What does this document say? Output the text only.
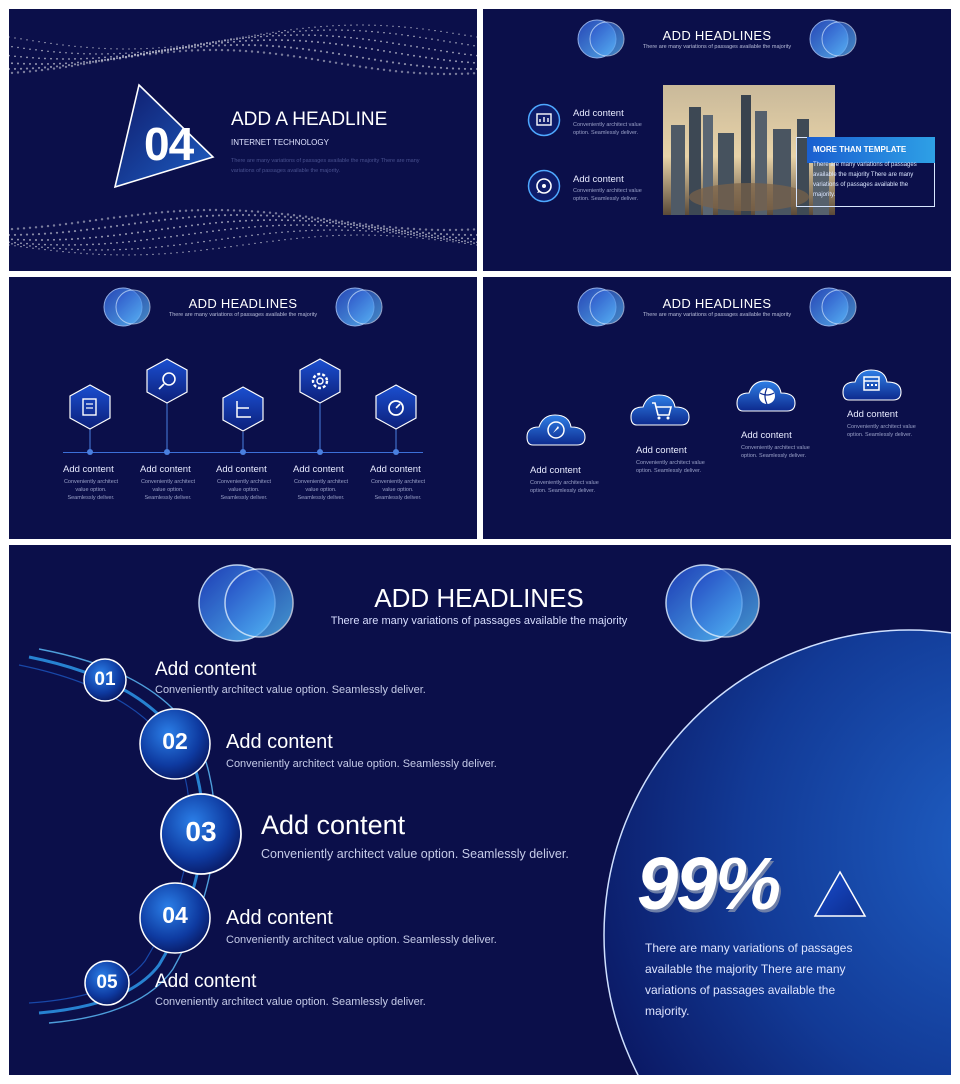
04 ADD A HEADLINE
INTERNET TECHNOLOGY
There are many variations of passages available the majority There are many variations of passages available the majority.
ADD HEADLINES
There are many variations of passages available the majority
Add content
Conveniently architect value
option. Seamlessly deliver.
Add content
Conveniently architect value
option. Seamlessly deliver.
MORE THAN TEMPLATE
There are many variations of passages available the majority There are many variations of passages available the majority.
ADD HEADLINES
There are many variations of passages available the majority
Add content
Conveniently architect
value option.
Seamlessly deliver.
Add content
Conveniently architect
value option.
Seamlessly deliver.
Add content
Conveniently architect
value option.
Seamlessly deliver.
Add content
Conveniently architect
value option.
Seamlessly deliver.
Add content
Conveniently architect
value option.
Seamlessly deliver.
ADD HEADLINES
There are many variations of passages available the majority
Add content
Conveniently architect value
option. Seamlessly deliver.
Add content
Conveniently architect value
option. Seamlessly deliver.
Add content
Conveniently architect value
option. Seamlessly deliver.
Add content
Conveniently architect value
option. Seamlessly deliver.
ADD HEADLINES
There are many variations of passages available the majority
01
02
03
04
05
Add content
Conveniently architect value option. Seamlessly deliver.
Add content
Conveniently architect value option. Seamlessly deliver.
Add content
Conveniently architect value option. Seamlessly deliver.
Add content
Conveniently architect value option. Seamlessly deliver.
Add content
Conveniently architect value option. Seamlessly deliver.
99%
There are many variations of passages
available the majority There are many
variations of passages available the
majority.
